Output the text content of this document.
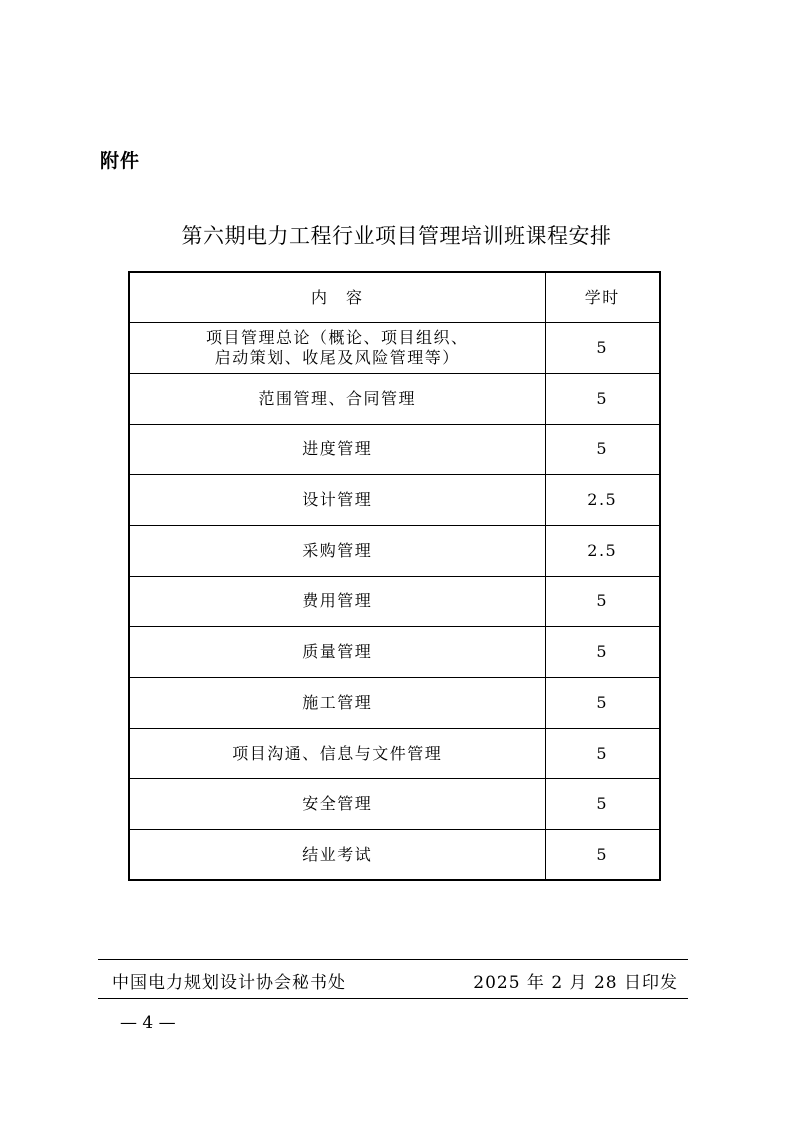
附件
第六期电力工程行业项目管理培训班课程安排
内　容	学时
项目管理总论（概论、项目组织、
启动策划、收尾及风险管理等）	5
范围管理、合同管理	5
进度管理	5
设计管理	2.5
采购管理	2.5
费用管理	5
质量管理	5
施工管理	5
项目沟通、信息与文件管理	5
安全管理	5
结业考试	5
中国电力规划设计协会秘书处	2025 年 2 月 28 日印发
— 4 —
